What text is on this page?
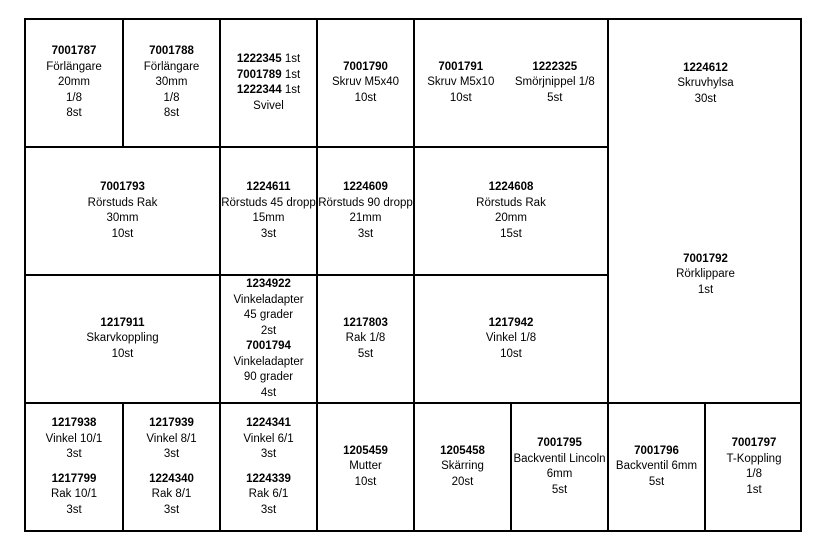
7001787
Förlängare
20mm
1/8
8st
7001788
Förlängare
30mm
1/8
8st
1222345 1st
7001789 1st
1222344 1st
Svivel
7001790
Skruv M5x40
10st
7001791
Skruv M5x10
10st
1222325
Smörjnippel 1/8
5st
1224612
Skruvhylsa
30st
7001793
Rörstuds Rak
30mm
10st
1224611
Rörstuds 45 dropp
15mm
3st
1224609
Rörstuds 90 dropp
21mm
3st
1224608
Rörstuds Rak
20mm
15st
7001792
Rörklippare
1st
1217911
Skarvkoppling
10st
1234922
Vinkeladapter
45 grader
2st
7001794
Vinkeladapter
90 grader
4st
1217803
Rak 1/8
5st
1217942
Vinkel 1/8
10st
1217938
Vinkel 10/1
3st
1217799
Rak 10/1
3st
1217939
Vinkel 8/1
3st
1224340
Rak 8/1
3st
1224341
Vinkel 6/1
3st
1224339
Rak 6/1
3st
1205459
Mutter
10st
1205458
Skärring
20st
7001795
Backventil Lincoln
6mm
5st
7001796
Backventil 6mm
5st
7001797
T-Koppling
1/8
1st
